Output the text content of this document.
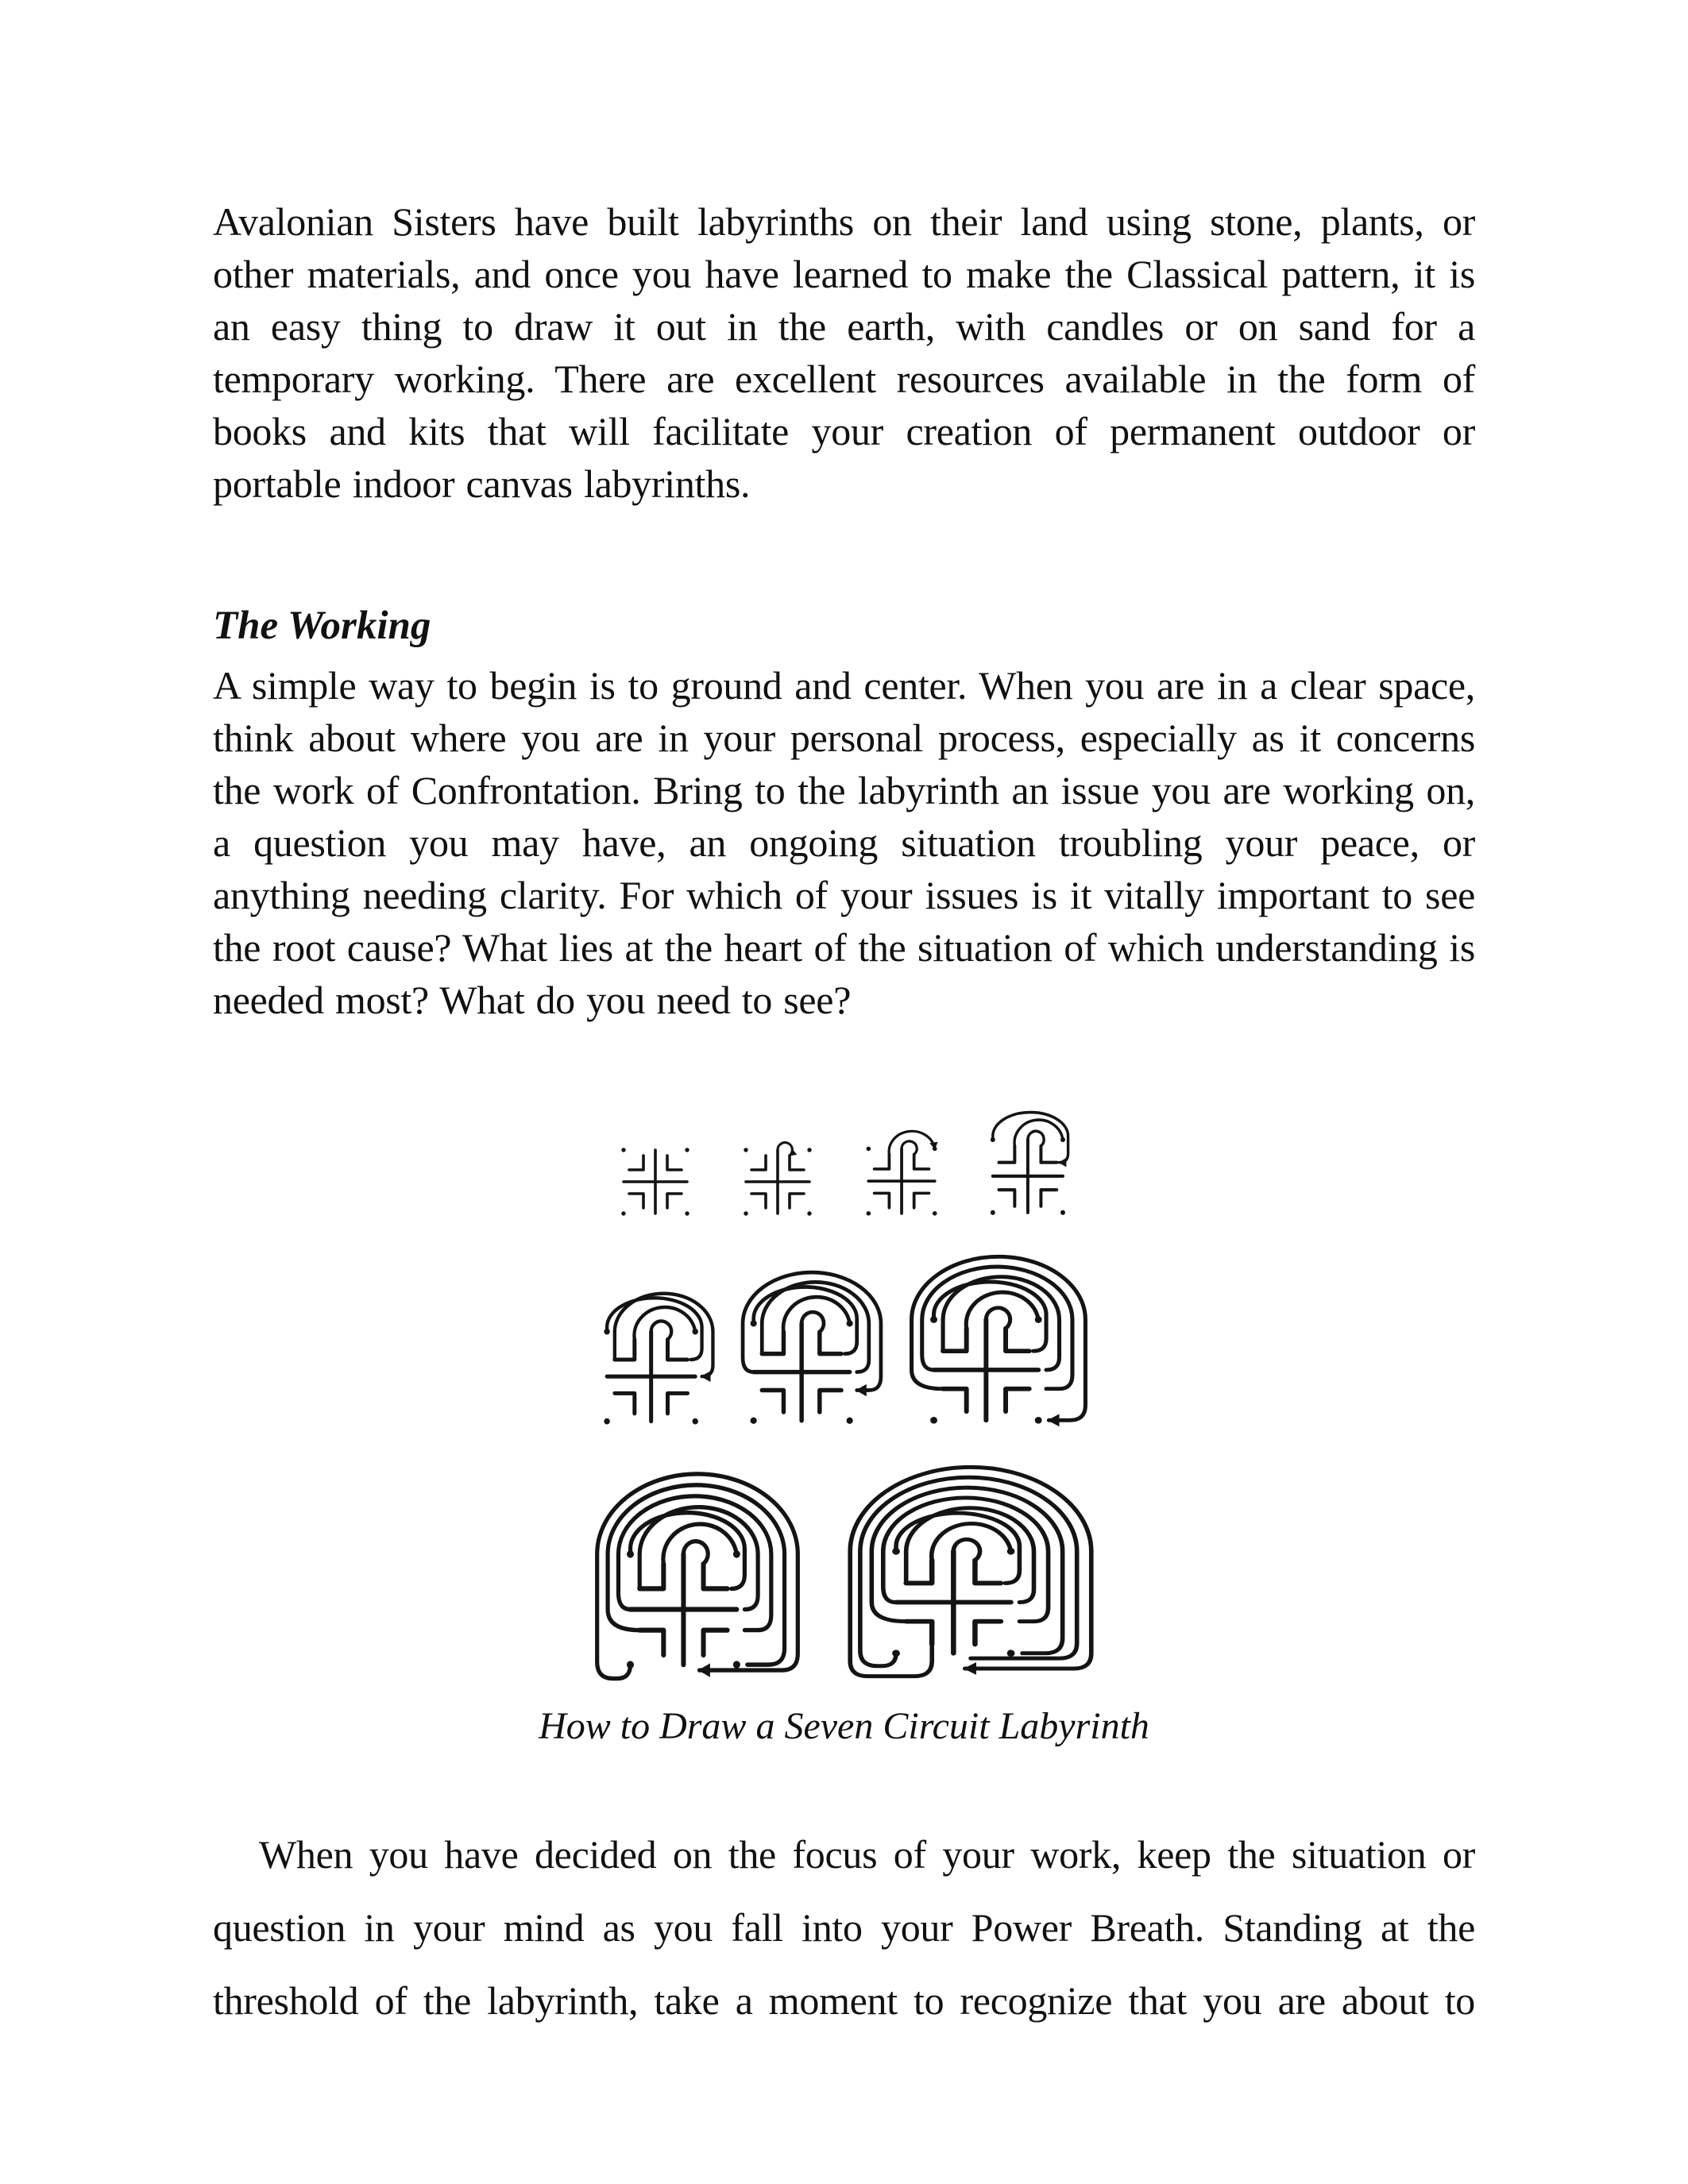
Avalonian Sisters have built labyrinths on their land using stone, plants, or other materials, and once you have learned to make the Classical pattern, it is an easy thing to draw it out in the earth, with candles or on sand for a temporary working. There are excellent resources available in the form of books and kits that will facilitate your creation of permanent outdoor or portable indoor canvas labyrinths.

The Working

A simple way to begin is to ground and center. When you are in a clear space, think about where you are in your personal process, especially as it concerns the work of Confrontation. Bring to the labyrinth an issue you are working on, a question you may have, an ongoing situation troubling your peace, or anything needing clarity. For which of your issues is it vitally important to see the root cause? What lies at the heart of the situation of which understanding is needed most? What do you need to see?

How to Draw a Seven Circuit Labyrinth

When you have decided on the focus of your work, keep the situation or question in your mind as you fall into your Power Breath. Standing at the threshold of the labyrinth, take a moment to recognize that you are about to
